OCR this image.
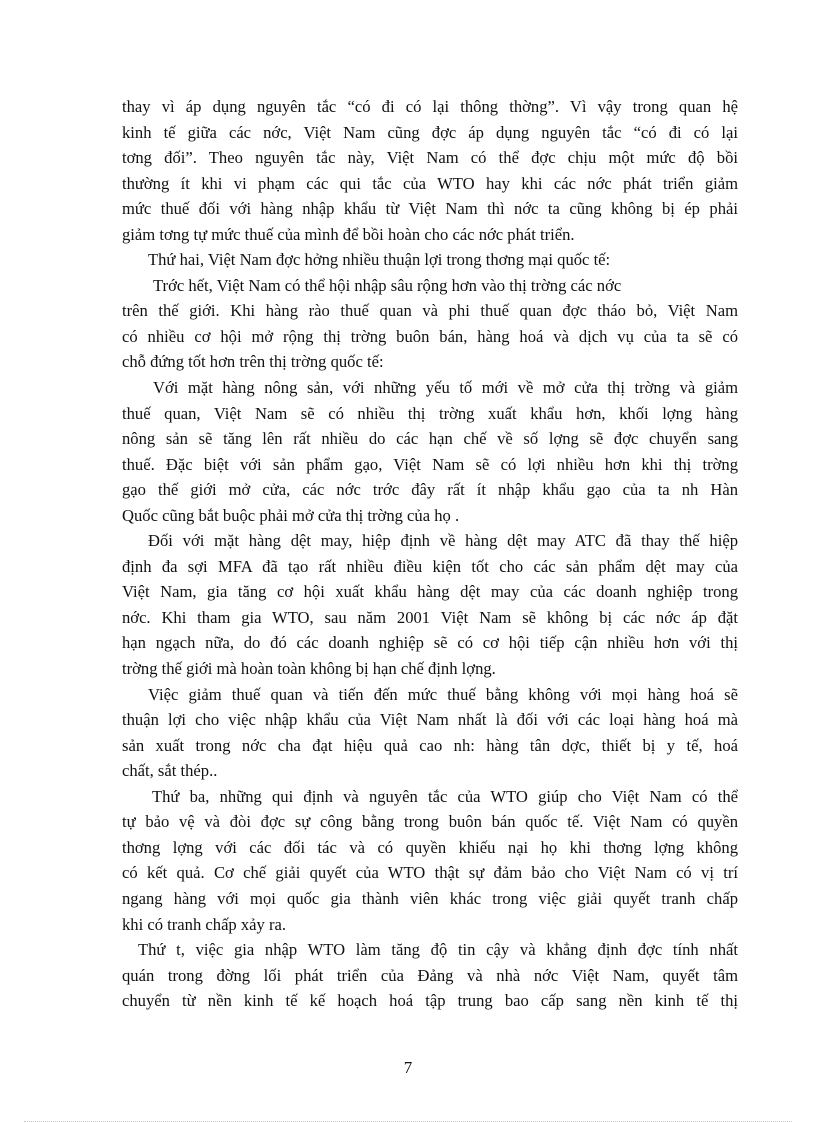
thay vì áp dụng nguyên tắc “có đi có lại thông thờng”. Vì vậy trong quan hệ
kinh tế giữa các nớc, Việt Nam cũng đợc áp dụng nguyên tắc “có đi có lại
tơng đối”. Theo nguyên tắc này, Việt Nam có thể đợc chịu một mức độ bồi
thường ít khi vi phạm các qui tắc của WTO hay khi các nớc phát triển giảm
mức thuế đối với hàng nhập khẩu từ Việt Nam thì nớc ta cũng không bị ép phải
giảm tơng tự mức thuế của mình để bồi hoàn cho các nớc phát triển.
Thứ hai, Việt Nam đợc hởng nhiều thuận lợi trong thơng mại quốc tế:
Trớc hết, Việt Nam có thể hội nhập sâu rộng hơn vào thị trờng các nớc
trên thế giới. Khi hàng rào thuế quan và phi thuế quan đợc tháo bỏ, Việt Nam
có nhiều cơ hội mở rộng thị trờng buôn bán, hàng hoá và dịch vụ của ta sẽ có
chỗ đứng tốt hơn trên thị trờng quốc tế:
Với mặt hàng nông sản, với những yếu tố mới về mở cửa thị trờng và giảm
thuế quan, Việt Nam sẽ có nhiều thị trờng xuất khẩu hơn, khối lợng hàng
nông sản sẽ tăng lên rất nhiều do các hạn chế về số lợng sẽ đợc chuyển sang
thuế. Đặc biệt với sản phẩm gạo, Việt Nam sẽ có lợi nhiều hơn khi thị trờng
gạo thế giới mở cửa, các nớc trớc đây rất ít nhập khẩu gạo của ta nh Hàn
Quốc cũng bắt buộc phải mở cửa thị trờng của họ .
Đối với mặt hàng dệt may, hiệp định về hàng dệt may ATC đã thay thế hiệp
định đa sợi MFA đã tạo rất nhiều điều kiện tốt cho các sản phẩm dệt may của
Việt Nam, gia tăng cơ hội xuất khẩu hàng dệt may của các doanh nghiệp trong
nớc. Khi tham gia WTO, sau năm 2001 Việt Nam sẽ không bị các nớc áp đặt
hạn ngạch nữa, do đó các doanh nghiệp sẽ có cơ hội tiếp cận nhiều hơn với thị
trờng thế giới mà hoàn toàn không bị hạn chế định lợng.
Việc giảm thuế quan và tiến đến mức thuế bằng không với mọi hàng hoá sẽ
thuận lợi cho việc nhập khẩu của Việt Nam nhất là đối với các loại hàng hoá mà
sản xuất trong nớc cha đạt hiệu quả cao nh: hàng tân dợc, thiết bị y tế, hoá
chất, sắt thép..
Thứ ba, những qui định và nguyên tắc của WTO giúp cho Việt Nam có thể
tự bảo vệ và đòi đợc sự công bằng trong buôn bán quốc tế. Việt Nam có quyền
thơng lợng với các đối tác và có quyền khiếu nại họ khi thơng lợng không
có kết quả. Cơ chế giải quyết của WTO thật sự đảm bảo cho Việt Nam có vị trí
ngang hàng với mọi quốc gia thành viên khác trong việc giải quyết tranh chấp
khi có tranh chấp xảy ra.
Thứ t, việc gia nhập WTO làm tăng độ tin cậy và khẳng định đợc tính nhất
quán trong đờng lối phát triển của Đảng và nhà nớc Việt Nam, quyết tâm
chuyển từ nền kinh tế kế hoạch hoá tập trung bao cấp sang nền kinh tế thị
7
